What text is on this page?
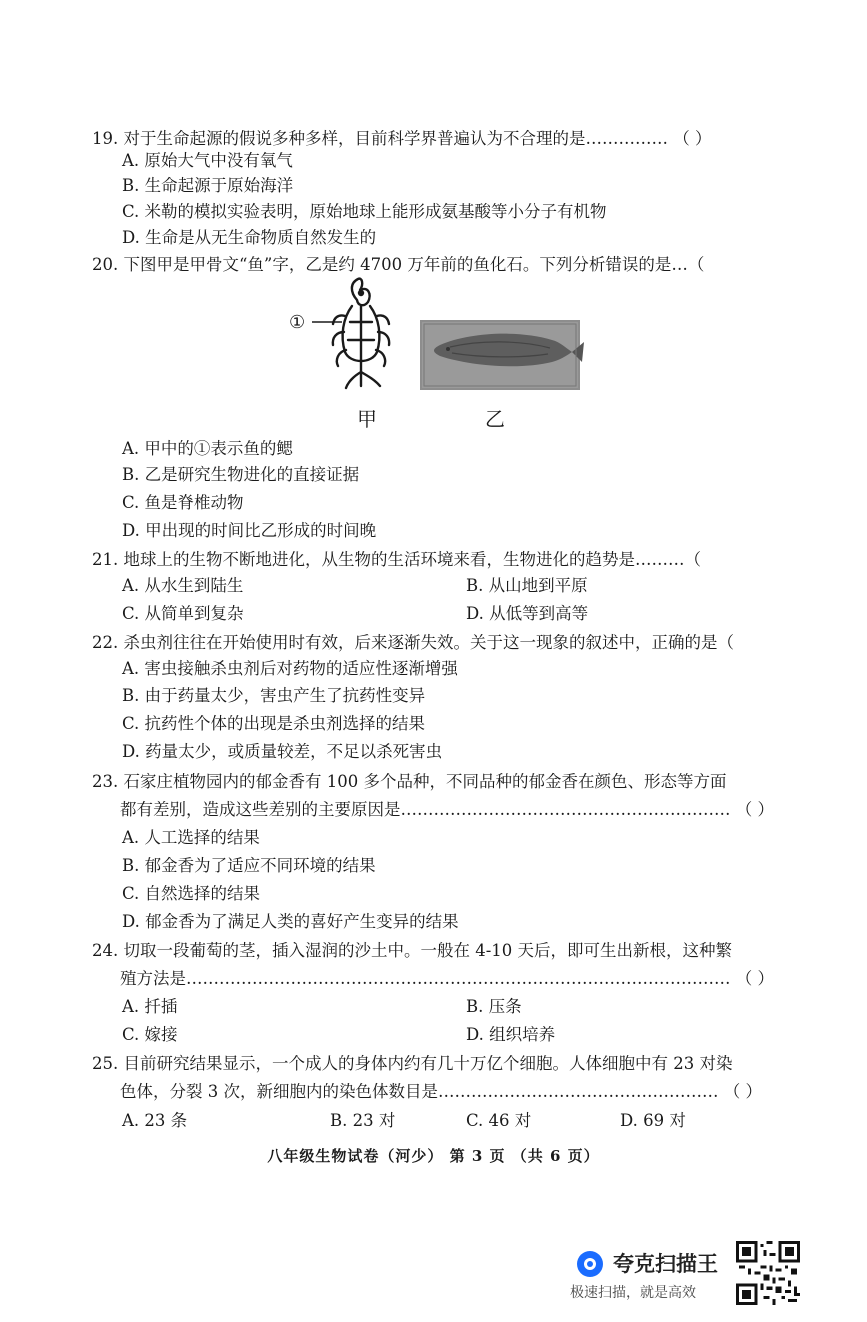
19. 对于生命起源的假说多种多样，目前科学界普遍认为不合理的是…………… （ ）
A. 原始大气中没有氧气
B. 生命起源于原始海洋
C. 米勒的模拟实验表明，原始地球上能形成氨基酸等小分子有机物
D. 生命是从无生命物质自然发生的
20. 下图甲是甲骨文“鱼”字，乙是约 4700 万年前的鱼化石。下列分析错误的是…（
①
甲	乙
A. 甲中的①表示鱼的鳃
B. 乙是研究生物进化的直接证据
C. 鱼是脊椎动物
D. 甲出现的时间比乙形成的时间晚
21. 地球上的生物不断地进化，从生物的生活环境来看，生物进化的趋势是………（
A. 从水生到陆生	B. 从山地到平原
C. 从简单到复杂	D. 从低等到高等
22. 杀虫剂往往在开始使用时有效，后来逐渐失效。关于这一现象的叙述中，正确的是（
A. 害虫接触杀虫剂后对药物的适应性逐渐增强
B. 由于药量太少，害虫产生了抗药性变异
C. 抗药性个体的出现是杀虫剂选择的结果
D. 药量太少，或质量较差，不足以杀死害虫
23. 石家庄植物园内的郁金香有 100 多个品种，不同品种的郁金香在颜色、形态等方面
都有差别，造成这些差别的主要原因是…………………………………………………… （ ）
A. 人工选择的结果
B. 郁金香为了适应不同环境的结果
C. 自然选择的结果
D. 郁金香为了满足人类的喜好产生变异的结果
24. 切取一段葡萄的茎，插入湿润的沙土中。一般在 4-10 天后，即可生出新根，这种繁
殖方法是……………………………………………………………………………………… （ ）
A. 扦插	B. 压条
C. 嫁接	D. 组织培养
25. 目前研究结果显示，一个成人的身体内约有几十万亿个细胞。人体细胞中有 23 对染
色体，分裂 3 次，新细胞内的染色体数目是…………………………………………… （ ）
A. 23 条	B. 23 对	C. 46 对	D. 69 对
八年级生物试卷（河少） 第 3 页 （共 6 页）
夸克扫描王
极速扫描，就是高效
